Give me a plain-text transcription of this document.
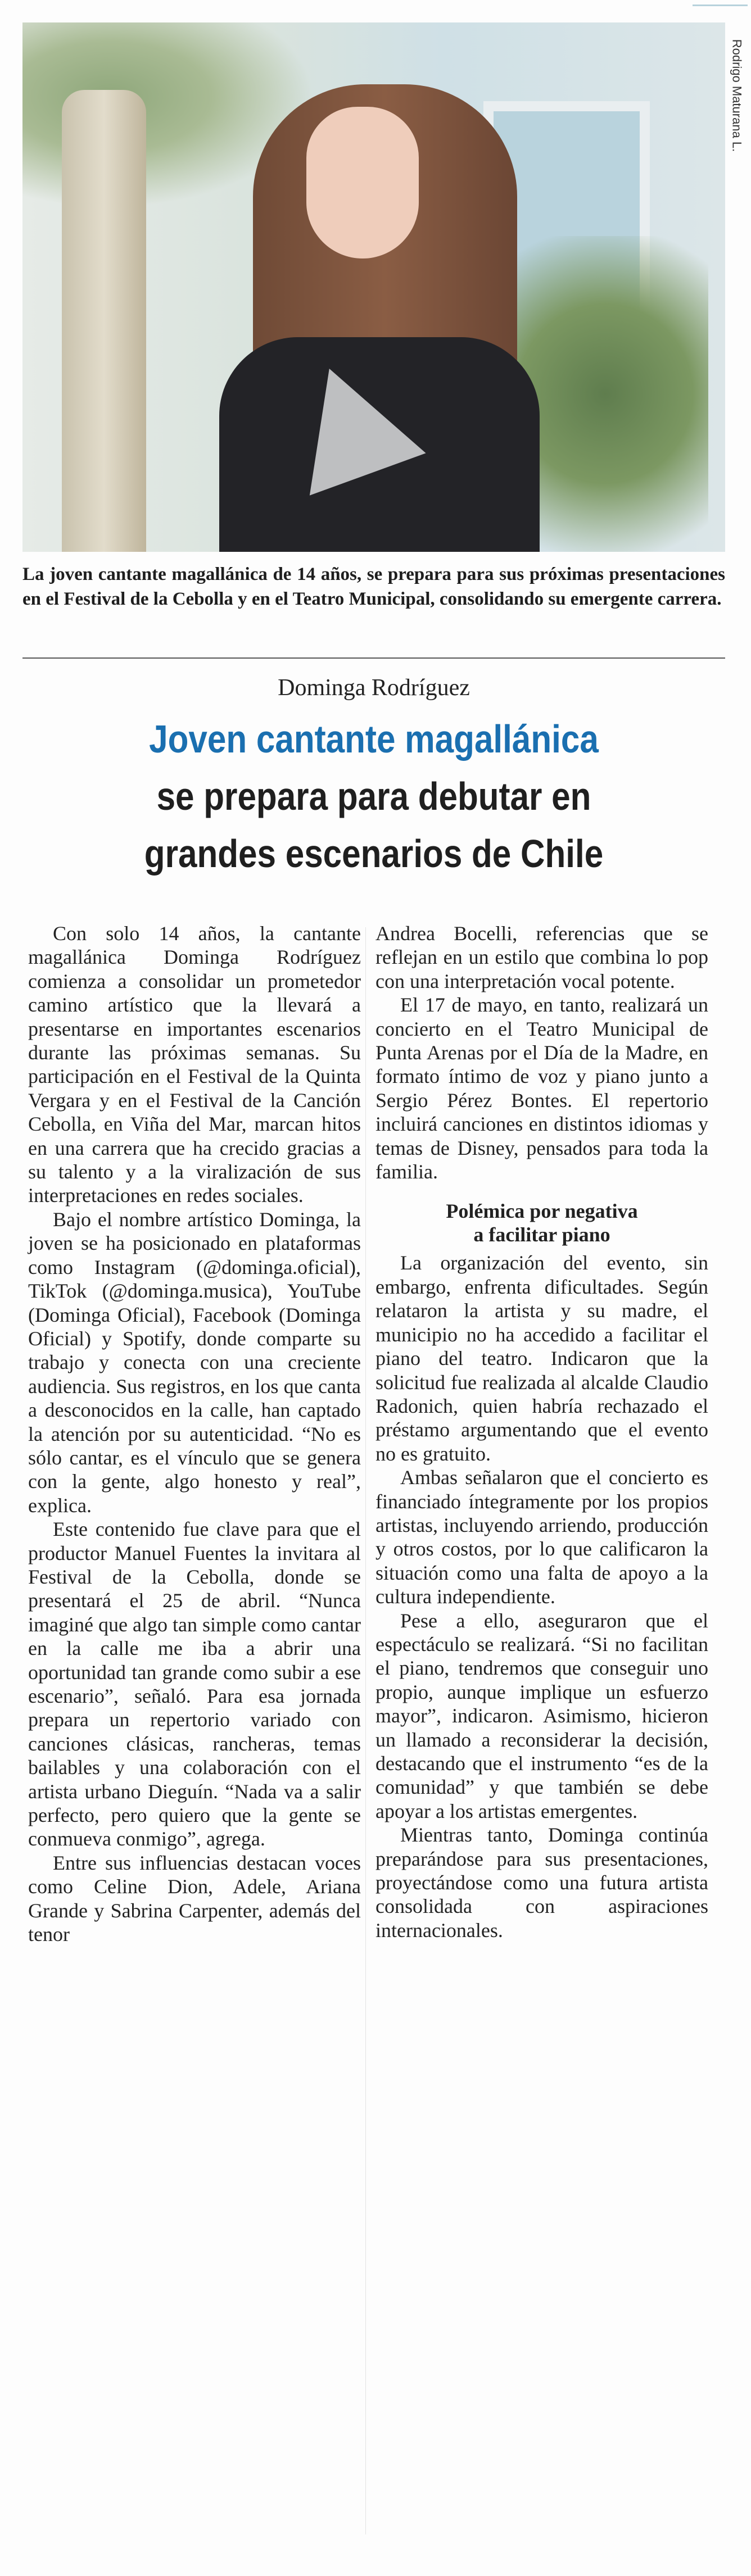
Rodrigo Maturana L.
La joven cantante magallánica de 14 años, se prepara para sus próximas presentaciones en el Festival de la Cebolla y en el Teatro Municipal, consolidando su emergente carrera.
Dominga Rodríguez
Joven cantante magallánica
se prepara para debutar en
grandes escenarios de Chile

Con solo 14 años, la cantante magallánica Dominga Rodríguez comienza a consolidar un prometedor camino artístico que la llevará a presentarse en importantes escenarios durante las próximas semanas. Su participación en el Festival de la Quinta Vergara y en el Festival de la Canción Cebolla, en Viña del Mar, marcan hitos en una carrera que ha crecido gracias a su talento y a la viralización de sus interpretaciones en redes sociales.

Bajo el nombre artístico Dominga, la joven se ha posicionado en plataformas como Instagram (@dominga.oficial), TikTok (@dominga.musica), YouTube (Dominga Oficial), Facebook (Dominga Oficial) y Spotify, donde comparte su trabajo y conecta con una creciente audiencia. Sus registros, en los que canta a desconocidos en la calle, han captado la atención por su autenticidad. “No es sólo cantar, es el vínculo que se genera con la gente, algo honesto y real”, explica.

Este contenido fue clave para que el productor Manuel Fuentes la invitara al Festival de la Cebolla, donde se presentará el 25 de abril. “Nunca imaginé que algo tan simple como cantar en la calle me iba a abrir una oportunidad tan grande como subir a ese escenario”, señaló. Para esa jornada prepara un repertorio variado con canciones clásicas, rancheras, temas bailables y una colaboración con el artista urbano Dieguín. “Nada va a salir perfecto, pero quiero que la gente se conmueva conmigo”, agrega.

Entre sus influencias destacan voces como Celine Dion, Adele, Ariana Grande y Sabrina Carpenter, además del tenor

Andrea Bocelli, referencias que se reflejan en un estilo que combina lo pop con una interpretación vocal potente.

El 17 de mayo, en tanto, realizará un concierto en el Teatro Municipal de Punta Arenas por el Día de la Madre, en formato íntimo de voz y piano junto a Sergio Pérez Bontes. El repertorio incluirá canciones en distintos idiomas y temas de Disney, pensados para toda la familia.

Polémica por negativa
a facilitar piano

La organización del evento, sin embargo, enfrenta dificultades. Según relataron la artista y su madre, el municipio no ha accedido a facilitar el piano del teatro. Indicaron que la solicitud fue realizada al alcalde Claudio Radonich, quien habría rechazado el préstamo argumentando que el evento no es gratuito.

Ambas señalaron que el concierto es financiado íntegramente por los propios artistas, incluyendo arriendo, producción y otros costos, por lo que calificaron la situación como una falta de apoyo a la cultura independiente.

Pese a ello, aseguraron que el espectáculo se realizará. “Si no facilitan el piano, tendremos que conseguir uno propio, aunque implique un esfuerzo mayor”, indicaron. Asimismo, hicieron un llamado a reconsiderar la decisión, destacando que el instrumento “es de la comunidad” y que también se debe apoyar a los artistas emergentes.

Mientras tanto, Dominga continúa preparándose para sus presentaciones, proyectándose como una futura artista consolidada con aspiraciones internacionales.
